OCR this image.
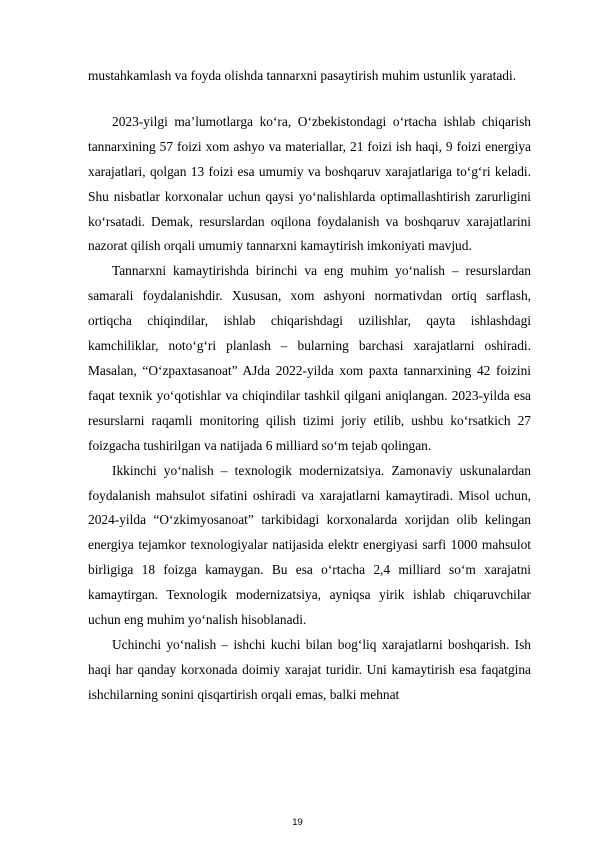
mustahkamlash va foyda olishda tannarxni pasaytirish muhim ustunlik yaratadi.

2023-yilgi ma’lumotlarga ko‘ra, O‘zbekistondagi o‘rtacha ishlab chiqarish tannarxining 57 foizi xom ashyo va materiallar, 21 foizi ish haqi, 9 foizi energiya xarajatlari, qolgan 13 foizi esa umumiy va boshqaruv xarajatlariga to‘g‘ri keladi. Shu nisbatlar korxonalar uchun qaysi yo‘nalishlarda optimallashtirish zarurligini ko‘rsatadi. Demak, resurslardan oqilona foydalanish va boshqaruv xarajatlarini nazorat qilish orqali umumiy tannarxni kamaytirish imkoniyati mavjud.

Tannarxni kamaytirishda birinchi va eng muhim yo‘nalish – resurslardan samarali foydalanishdir. Xususan, xom ashyoni normativdan ortiq sarflash, ortiqcha chiqindilar, ishlab chiqarishdagi uzilishlar, qayta ishlashdagi kamchiliklar, noto‘g‘ri planlash – bularning barchasi xarajatlarni oshiradi. Masalan, “O‘zpaxtasanoat” AJda 2022-yilda xom paxta tannarxining 42 foizini faqat texnik yo‘qotishlar va chiqindilar tashkil qilgani aniqlangan. 2023-yilda esa resurslarni raqamli monitoring qilish tizimi joriy etilib, ushbu ko‘rsatkich 27 foizgacha tushirilgan va natijada 6 milliard so‘m tejab qolingan.

Ikkinchi yo‘nalish – texnologik modernizatsiya. Zamonaviy uskunalardan foydalanish mahsulot sifatini oshiradi va xarajatlarni kamaytiradi. Misol uchun, 2024-yilda “O‘zkimyosanoat” tarkibidagi korxonalarda xorijdan olib kelingan energiya tejamkor texnologiyalar natijasida elektr energiyasi sarfi 1000 mahsulot birligiga 18 foizga kamaygan. Bu esa o‘rtacha 2,4 milliard so‘m xarajatni kamaytirgan. Texnologik modernizatsiya, ayniqsa yirik ishlab chiqaruvchilar uchun eng muhim yo‘nalish hisoblanadi.

Uchinchi yo‘nalish – ishchi kuchi bilan bog‘liq xarajatlarni boshqarish. Ish haqi har qanday korxonada doimiy xarajat turidir. Uni kamaytirish esa faqatgina ishchilarning sonini qisqartirish orqali emas, balki mehnat

19
